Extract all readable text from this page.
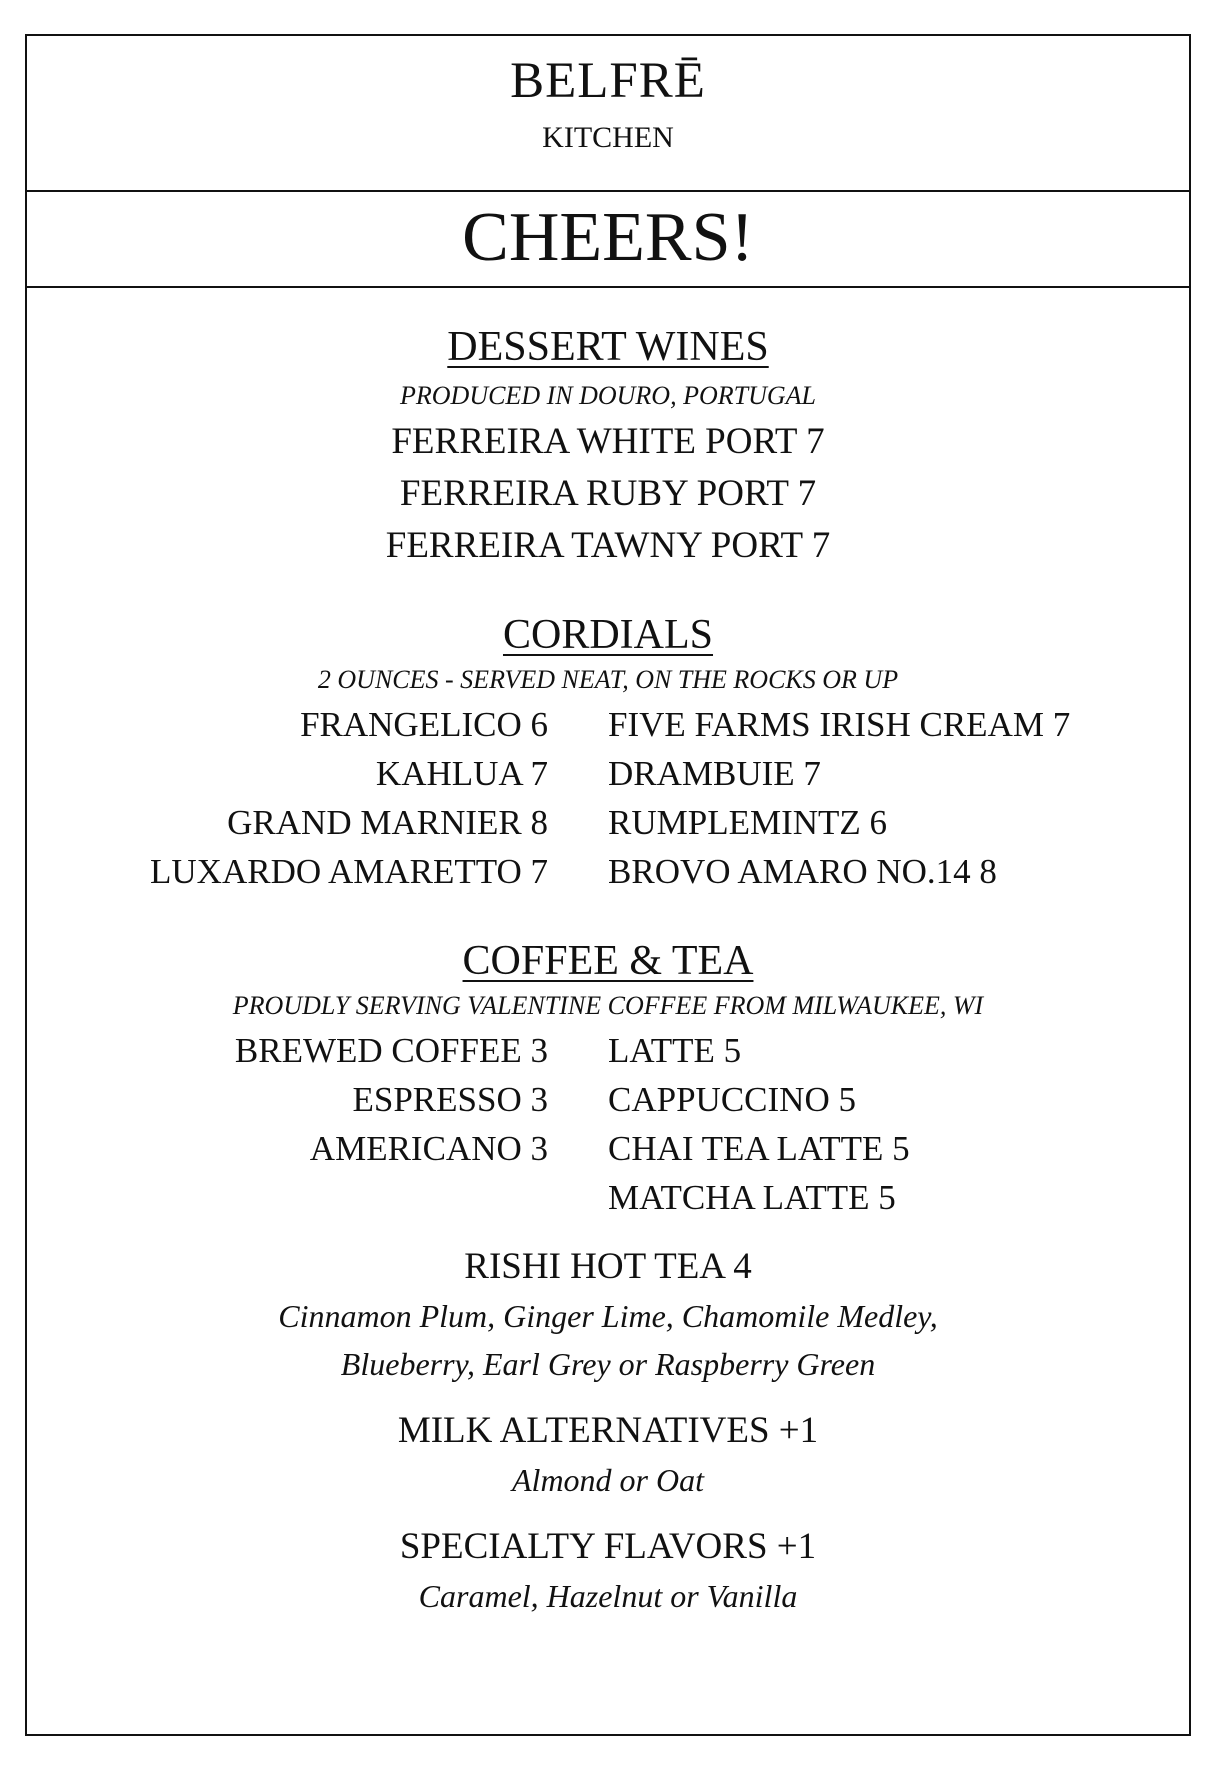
BELFRĒ
KITCHEN
CHEERS!
DESSERT WINES
PRODUCED IN DOURO, PORTUGAL
FERREIRA WHITE PORT 7
FERREIRA RUBY PORT 7
FERREIRA TAWNY PORT 7
CORDIALS
2 OUNCES - SERVED NEAT, ON THE ROCKS OR UP
FRANGELICO 6
KAHLUA 7
GRAND MARNIER 8
LUXARDO AMARETTO 7
FIVE FARMS IRISH CREAM 7
DRAMBUIE 7
RUMPLEMINTZ 6
BROVO AMARO NO.14 8
COFFEE & TEA
PROUDLY SERVING VALENTINE COFFEE FROM MILWAUKEE, WI
BREWED COFFEE 3
ESPRESSO 3
AMERICANO 3
LATTE 5
CAPPUCCINO 5
CHAI TEA LATTE 5
MATCHA LATTE 5
RISHI HOT TEA 4
Cinnamon Plum, Ginger Lime, Chamomile Medley,
Blueberry, Earl Grey or Raspberry Green
MILK ALTERNATIVES +1
Almond or Oat
SPECIALTY FLAVORS +1
Caramel, Hazelnut or Vanilla
